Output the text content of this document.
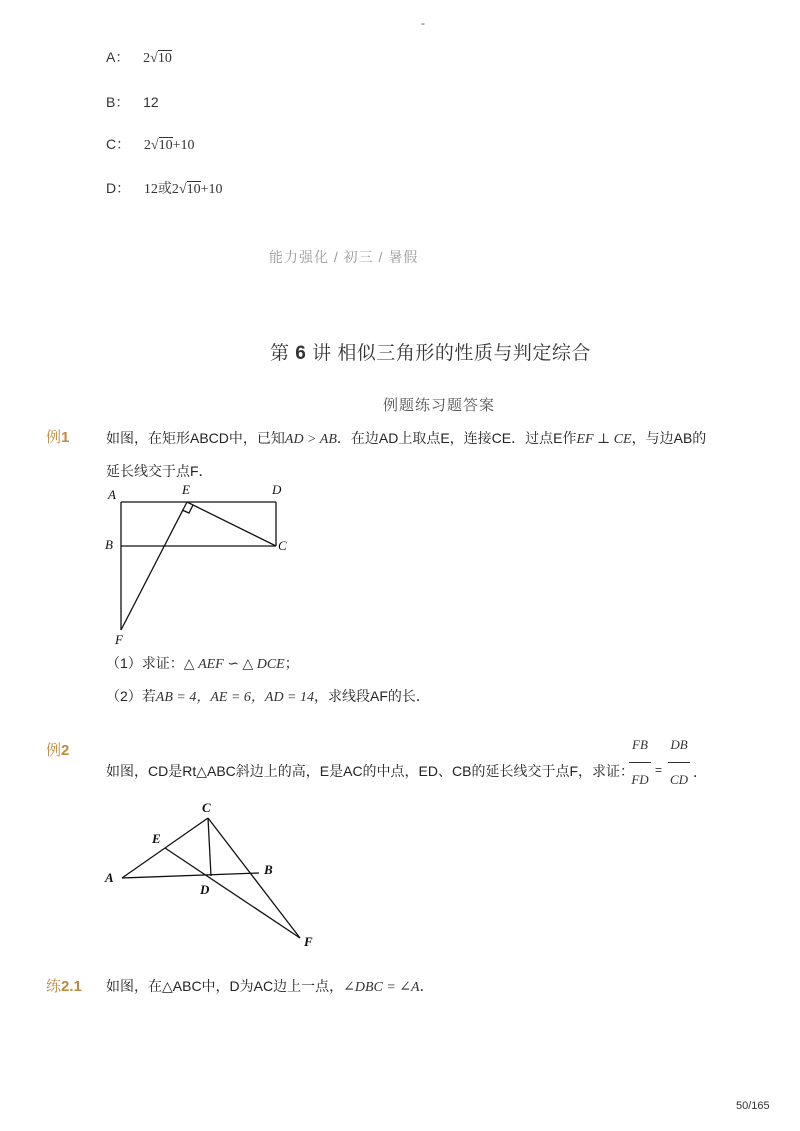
-
A： 2√10
B： 12
C： 2√10+10
D： 12或2√10+10
能力强化 / 初三 / 暑假
第 6 讲 相似三角形的性质与判定综合
例题练习题答案
例1	如图，在矩形ABCD中，已知AD > AB．在边AD上取点E，连接CE．过点E作EF ⊥ CE，与边AB的
延长线交于点F．
A	E	D
B	C
F
（1）求证：△ AEF ∽ △ DCE；
（2）若AB = 4，AE = 6，AD = 14，求线段AF的长．
例2
如图，CD是Rt△ABC斜边上的高，E是AC的中点，ED、CB的延长线交于点F，求证：
FB
FD
=
DB
CD ．
C
E
A
D
B
F
练2.1 如图，在△ABC中，D为AC边上一点，∠DBC = ∠A．
50/165
